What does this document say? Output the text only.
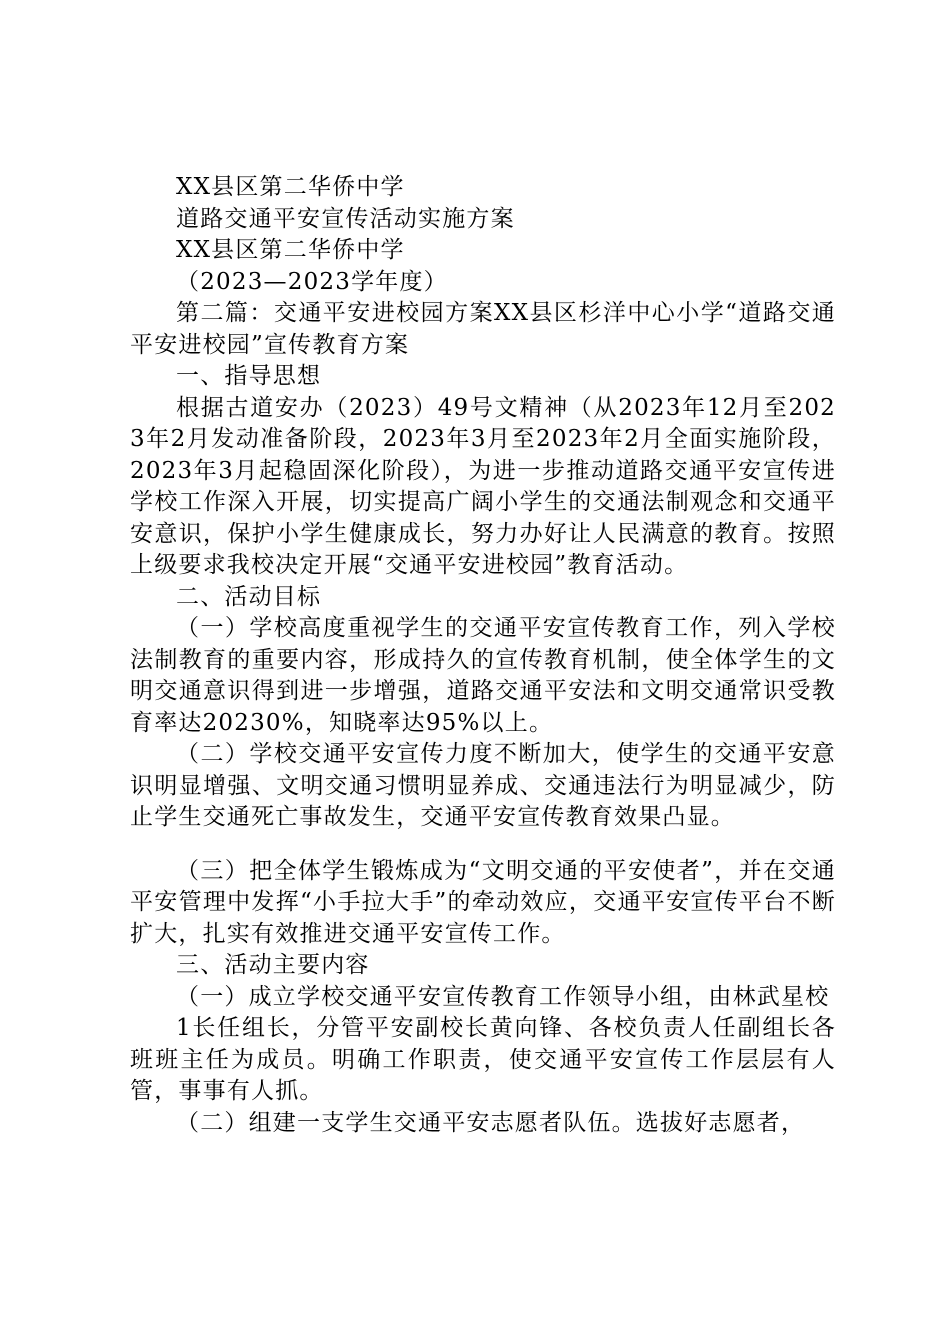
XX县区第二华侨中学

道路交通平安宣传活动实施方案

XX县区第二华侨中学

（2023—2023学年度）

第二篇：交通平安进校园方案XX县区杉洋中心小学“道路交通平安进校园”宣传教育方案

一、指导思想

根据古道安办（2023）49号文精神（从2023年12月至2023年2月发动准备阶段，2023年3月至2023年2月全面实施阶段，2023年3月起稳固深化阶段），为进一步推动道路交通平安宣传进学校工作深入开展，切实提高广阔小学生的交通法制观念和交通平安意识，保护小学生健康成长，努力办好让人民满意的教育。按照上级要求我校决定开展“交通平安进校园”教育活动。

二、活动目标

（一）学校高度重视学生的交通平安宣传教育工作，列入学校法制教育的重要内容，形成持久的宣传教育机制，使全体学生的文明交通意识得到进一步增强，道路交通平安法和文明交通常识受教育率达20230%，知晓率达95%以上。

（二）学校交通平安宣传力度不断加大，使学生的交通平安意识明显增强、文明交通习惯明显养成、交通违法行为明显减少，防止学生交通死亡事故发生，交通平安宣传教育效果凸显。

（三）把全体学生锻炼成为“文明交通的平安使者”，并在交通平安管理中发挥“小手拉大手”的牵动效应，交通平安宣传平台不断扩大，扎实有效推进交通平安宣传工作。

三、活动主要内容

（一）成立学校交通平安宣传教育工作领导小组，由林武星校

1长任组长，分管平安副校长黄向锋、各校负责人任副组长各班班主任为成员。明确工作职责，使交通平安宣传工作层层有人管，事事有人抓。

（二）组建一支学生交通平安志愿者队伍。选拔好志愿者，
